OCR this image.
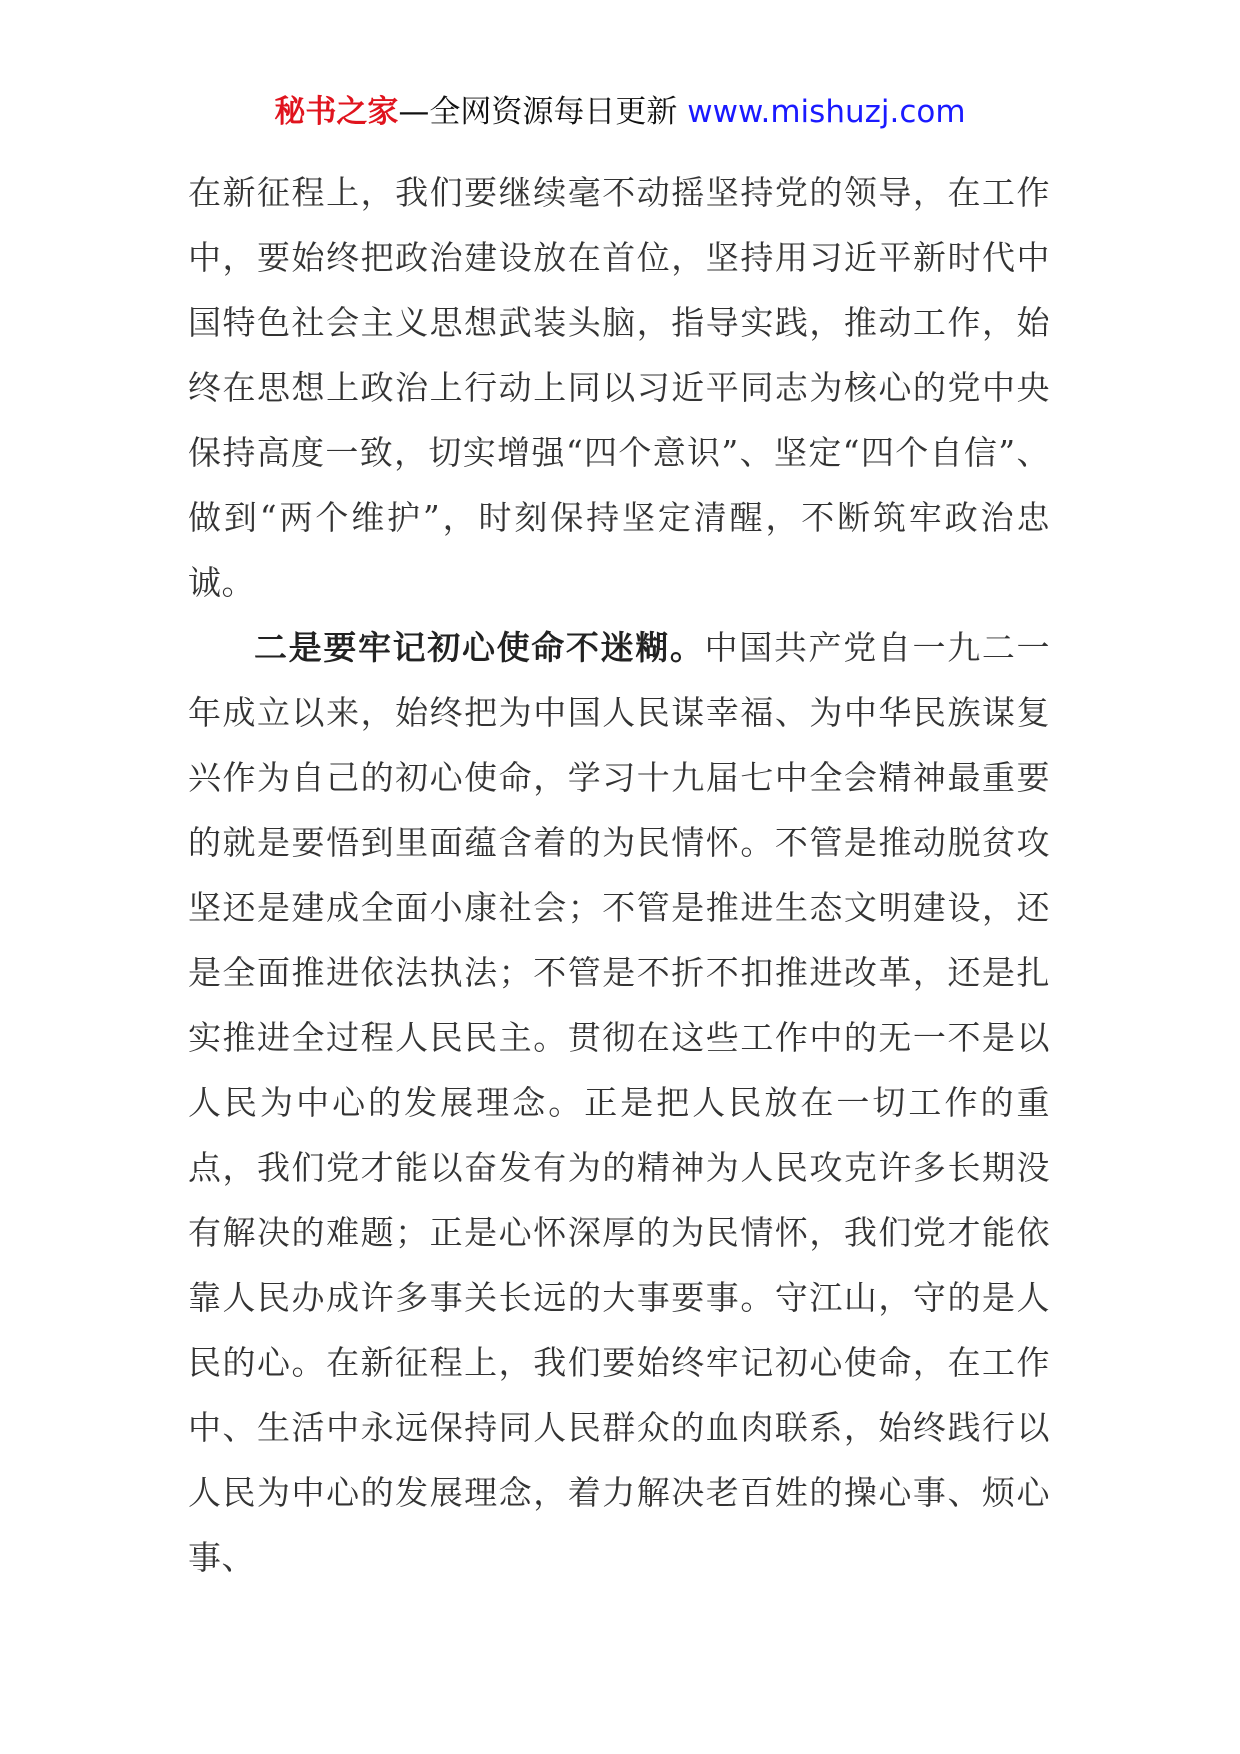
秘书之家—全网资源每日更新 www.mishuzj.com

在新征程上，我们要继续毫不动摇坚持党的领导，在工作中，要始终把政治建设放在首位，坚持用习近平新时代中国特色社会主义思想武装头脑，指导实践，推动工作，始终在思想上政治上行动上同以习近平同志为核心的党中央保持高度一致，切实增强“四个意识”、坚定“四个自信”、做到“两个维护”，时刻保持坚定清醒，不断筑牢政治忠诚。

二是要牢记初心使命不迷糊。中国共产党自一九二一年成立以来，始终把为中国人民谋幸福、为中华民族谋复兴作为自己的初心使命，学习十九届七中全会精神最重要的就是要悟到里面蕴含着的为民情怀。不管是推动脱贫攻坚还是建成全面小康社会；不管是推进生态文明建设，还是全面推进依法执法；不管是不折不扣推进改革，还是扎实推进全过程人民民主。贯彻在这些工作中的无一不是以人民为中心的发展理念。正是把人民放在一切工作的重点，我们党才能以奋发有为的精神为人民攻克许多长期没有解决的难题；正是心怀深厚的为民情怀，我们党才能依靠人民办成许多事关长远的大事要事。守江山，守的是人民的心。在新征程上，我们要始终牢记初心使命，在工作中、生活中永远保持同人民群众的血肉联系，始终践行以人民为中心的发展理念，着力解决老百姓的操心事、烦心事、
